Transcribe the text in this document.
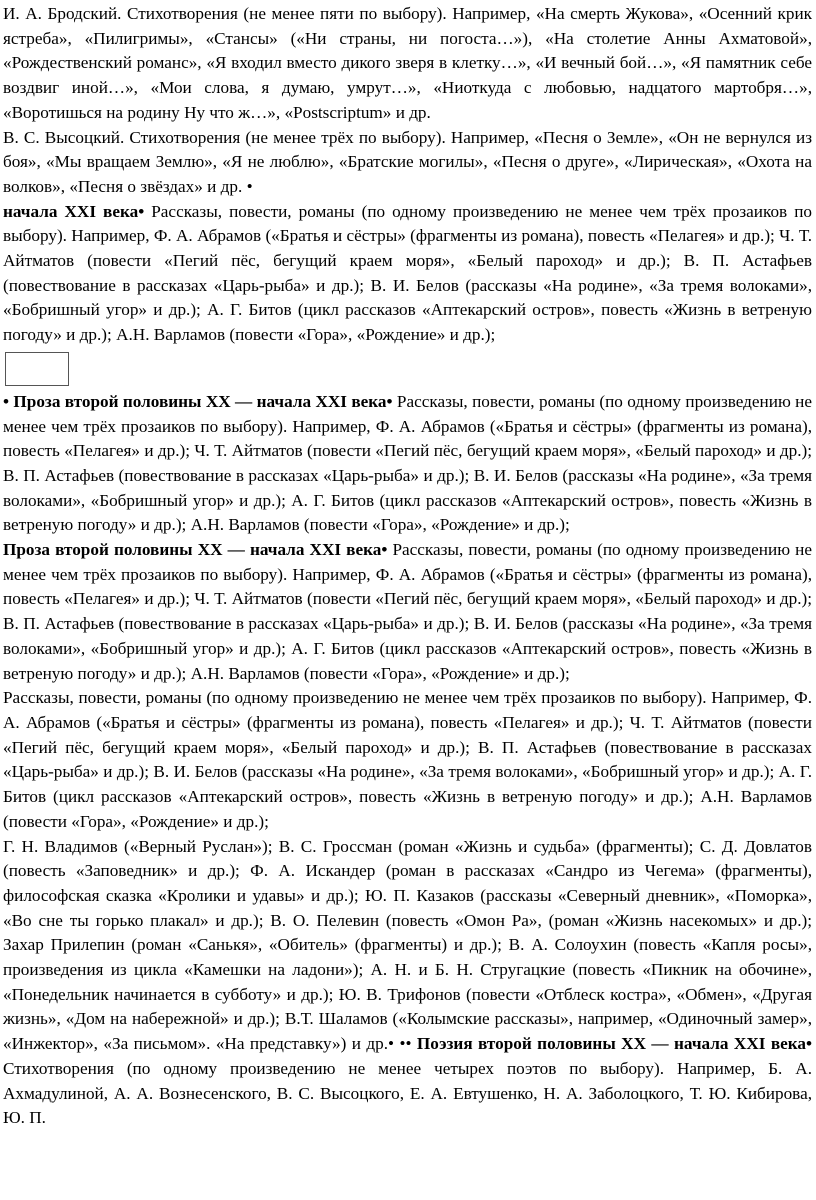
И. А. Бродский. Стихотворения (не менее пяти по выбору). Например, «На смерть Жукова», «Осенний крик ястреба», «Пилигримы», «Стансы» («Ни страны, ни погоста…»), «На столетие Анны Ахматовой», «Рождественский романс», «Я входил вместо дикого зверя в клетку…», «И вечный бой…», «Я памятник себе воздвиг иной…», «Мои слова, я думаю, умрут…», «Ниоткуда с любовью, надцатого мартобря…», «Воротишься на родину Ну что ж…», «Postscriptum» и др.

В. С. Высоцкий. Стихотворения (не менее трёх по выбору). Например, «Песня о Земле», «Он не вернулся из боя», «Мы вращаем Землю», «Я не люблю», «Братские могилы», «Песня о друге», «Лирическая», «Охота на волков», «Песня о звёздах» и др. •

начала XXI века• Рассказы, повести, романы (по одному произведению не менее чем трёх прозаиков по выбору). Например, Ф. А. Абрамов («Братья и сёстры» (фрагменты из романа), повесть «Пелагея» и др.); Ч. Т. Айтматов (повести «Пегий пёс, бегущий краем моря», «Белый пароход» и др.); В. П. Астафьев (повествование в рассказах «Царь-рыба» и др.); В. И. Белов (рассказы «На родине», «За тремя волоками», «Бобришный угор» и др.); А. Г. Битов (цикл рассказов «Аптекарский остров», повесть «Жизнь в ветреную погоду» и др.); А.Н. Варламов (повести «Гора», «Рождение» и др.);

• Проза второй половины XX — начала XXI века• Рассказы, повести, романы (по одному произведению не менее чем трёх прозаиков по выбору). Например, Ф. А. Абрамов («Братья и сёстры» (фрагменты из романа), повесть «Пелагея» и др.); Ч. Т. Айтматов (повести «Пегий пёс, бегущий краем моря», «Белый пароход» и др.); В. П. Астафьев (повествование в рассказах «Царь-рыба» и др.); В. И. Белов (рассказы «На родине», «За тремя волоками», «Бобришный угор» и др.); А. Г. Битов (цикл рассказов «Аптекарский остров», повесть «Жизнь в ветреную погоду» и др.); А.Н. Варламов (повести «Гора», «Рождение» и др.);

Проза второй половины XX — начала XXI века• Рассказы, повести, романы (по одному произведению не менее чем трёх прозаиков по выбору). Например, Ф. А. Абрамов («Братья и сёстры» (фрагменты из романа), повесть «Пелагея» и др.); Ч. Т. Айтматов (повести «Пегий пёс, бегущий краем моря», «Белый пароход» и др.); В. П. Астафьев (повествование в рассказах «Царь-рыба» и др.); В. И. Белов (рассказы «На родине», «За тремя волоками», «Бобришный угор» и др.); А. Г. Битов (цикл рассказов «Аптекарский остров», повесть «Жизнь в ветреную погоду» и др.); А.Н. Варламов (повести «Гора», «Рождение» и др.);

Рассказы, повести, романы (по одному произведению не менее чем трёх прозаиков по выбору). Например, Ф. А. Абрамов («Братья и сёстры» (фрагменты из романа), повесть «Пелагея» и др.); Ч. Т. Айтматов (повести «Пегий пёс, бегущий краем моря», «Белый пароход» и др.); В. П. Астафьев (повествование в рассказах «Царь-рыба» и др.); В. И. Белов (рассказы «На родине», «За тремя волоками», «Бобришный угор» и др.); А. Г. Битов (цикл рассказов «Аптекарский остров», повесть «Жизнь в ветреную погоду» и др.); А.Н. Варламов (повести «Гора», «Рождение» и др.);

Г. Н. Владимов («Верный Руслан»); В. С. Гроссман (роман «Жизнь и судьба» (фрагменты); С. Д. Довлатов (повесть «Заповедник» и др.); Ф. А. Искандер (роман в рассказах «Сандро из Чегема» (фрагменты), философская сказка «Кролики и удавы» и др.); Ю. П. Казаков (рассказы «Северный дневник», «Поморка», «Во сне ты горько плакал» и др.); В. О. Пелевин (повесть «Омон Ра», (роман «Жизнь насекомых» и др.); Захар Прилепин (роман «Санькя», «Обитель» (фрагменты) и др.); В. А. Солоухин (повесть «Капля росы», произведения из цикла «Камешки на ладони»); А. Н. и Б. Н. Стругацкие (повесть «Пикник на обочине», «Понедельник начинается в субботу» и др.); Ю. В. Трифонов (повести «Отблеск костра», «Обмен», «Другая жизнь», «Дом на набережной» и др.); В.Т. Шаламов («Колымские рассказы», например, «Одиночный замер», «Инжектор», «За письмом». «На представку») и др.• •• Поэзия второй половины XX — начала XXI века• Стихотворения (по одному произведению не менее четырех поэтов по выбору). Например, Б. А. Ахмадулиной, А. А. Вознесенского, В. С. Высоцкого, Е. А. Евтушенко, Н. А. Заболоцкого, Т. Ю. Кибирова, Ю. П.
